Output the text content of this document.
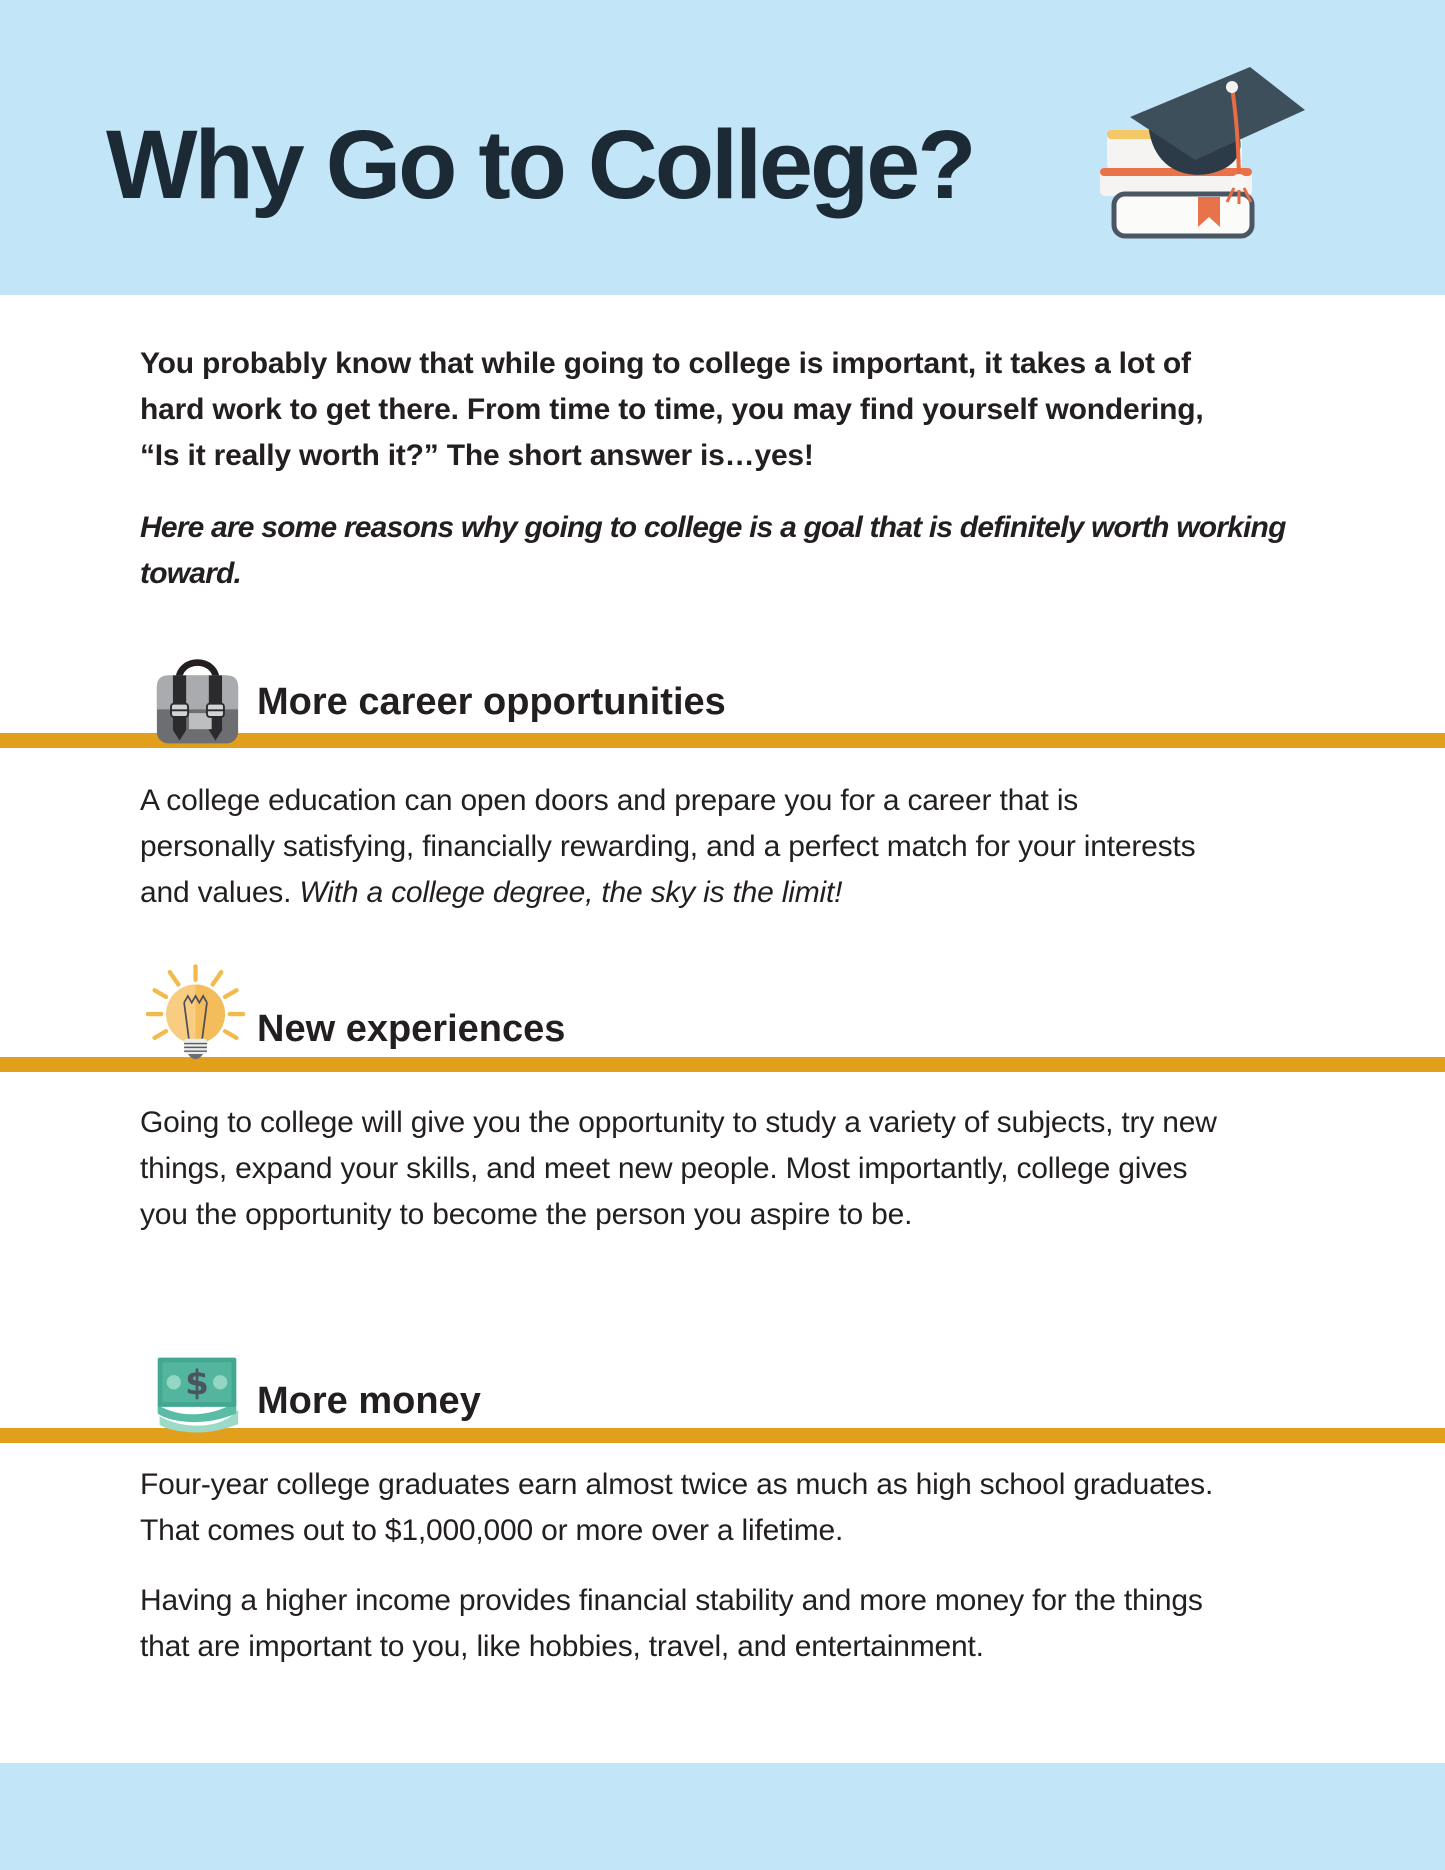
Why Go to College?

You probably know that while going to college is important, it takes a lot of hard work to get there. From time to time, you may find yourself wondering, “Is it really worth it?” The short answer is…yes!

Here are some reasons why going to college is a goal that is definitely worth working toward.

More career opportunities

A college education can open doors and prepare you for a career that is personally satisfying, financially rewarding, and a perfect match for your interests and values. With a college degree, the sky is the limit!

New experiences

Going to college will give you the opportunity to study a variety of subjects, try new things, expand your skills, and meet new people. Most importantly, college gives you the opportunity to become the person you aspire to be.

$ More money

Four-year college graduates earn almost twice as much as high school graduates. That comes out to $1,000,000 or more over a lifetime.

Having a higher income provides financial stability and more money for the things that are important to you, like hobbies, travel, and entertainment.
